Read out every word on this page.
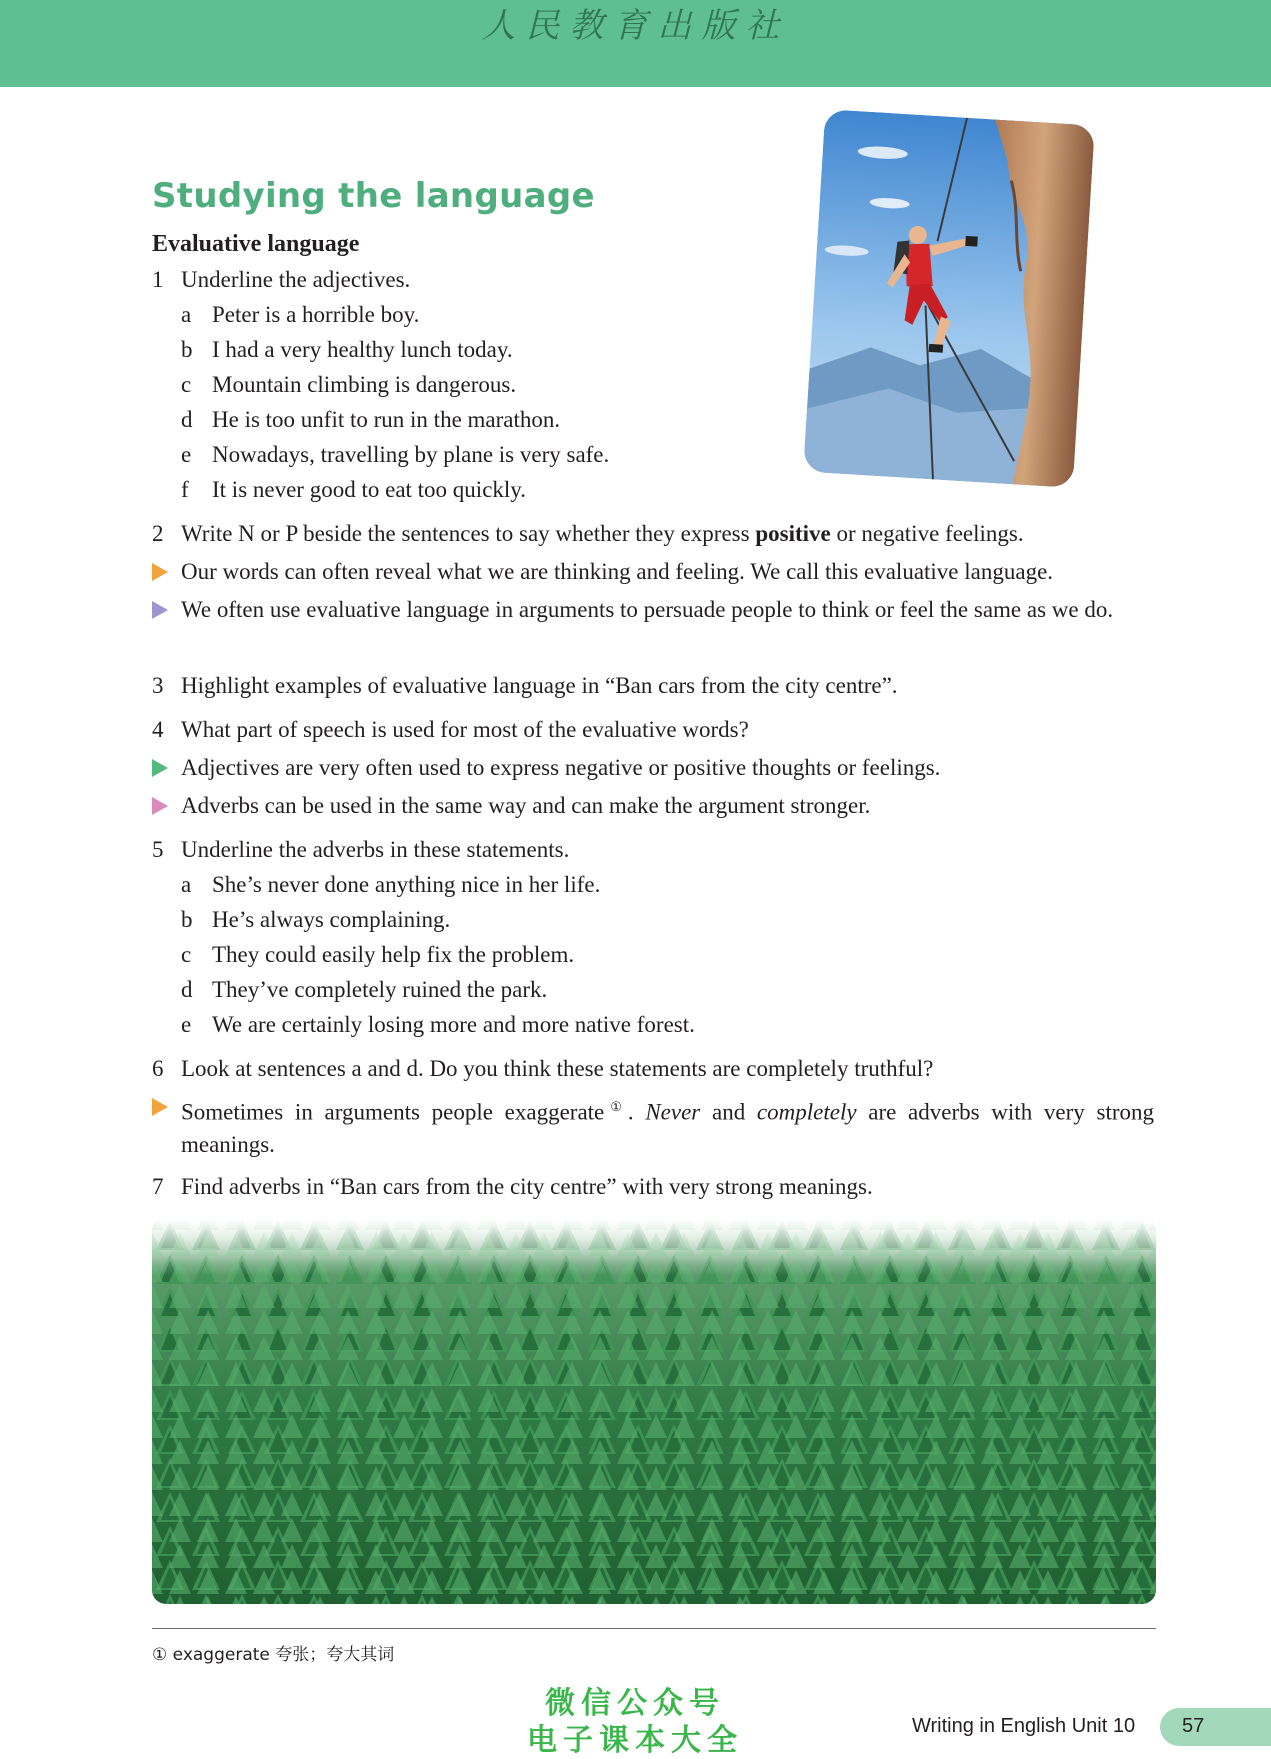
人民教育出版社
Studying the language
Evaluative language
1 Underline the adjectives.
a Peter is a horrible boy.
b I had a very healthy lunch today.
c Mountain climbing is dangerous.
d He is too unfit to run in the marathon.
e Nowadays, travelling by plane is very safe.
f It is never good to eat too quickly.
2 Write N or P beside the sentences to say whether they express positive or negative feelings.
Our words can often reveal what we are thinking and feeling. We call this evaluative language.
We often use evaluative language in arguments to persuade people to think or feel the same as we do.
3 Highlight examples of evaluative language in “Ban cars from the city centre”.
4 What part of speech is used for most of the evaluative words?
Adjectives are very often used to express negative or positive thoughts or feelings.
Adverbs can be used in the same way and can make the argument stronger.
5 Underline the adverbs in these statements.
a She’s never done anything nice in her life.
b He’s always complaining.
c They could easily help fix the problem.
d They’ve completely ruined the park.
e We are certainly losing more and more native forest.
6 Look at sentences a and d. Do you think these statements are completely truthful?
Sometimes in arguments people exaggerate①. Never and completely are adverbs with very strong meanings.
7 Find adverbs in “Ban cars from the city centre” with very strong meanings.
① exaggerate 夸张；夸大其词
微信公众号
电子课本大全	Writing in English Unit 10 57
